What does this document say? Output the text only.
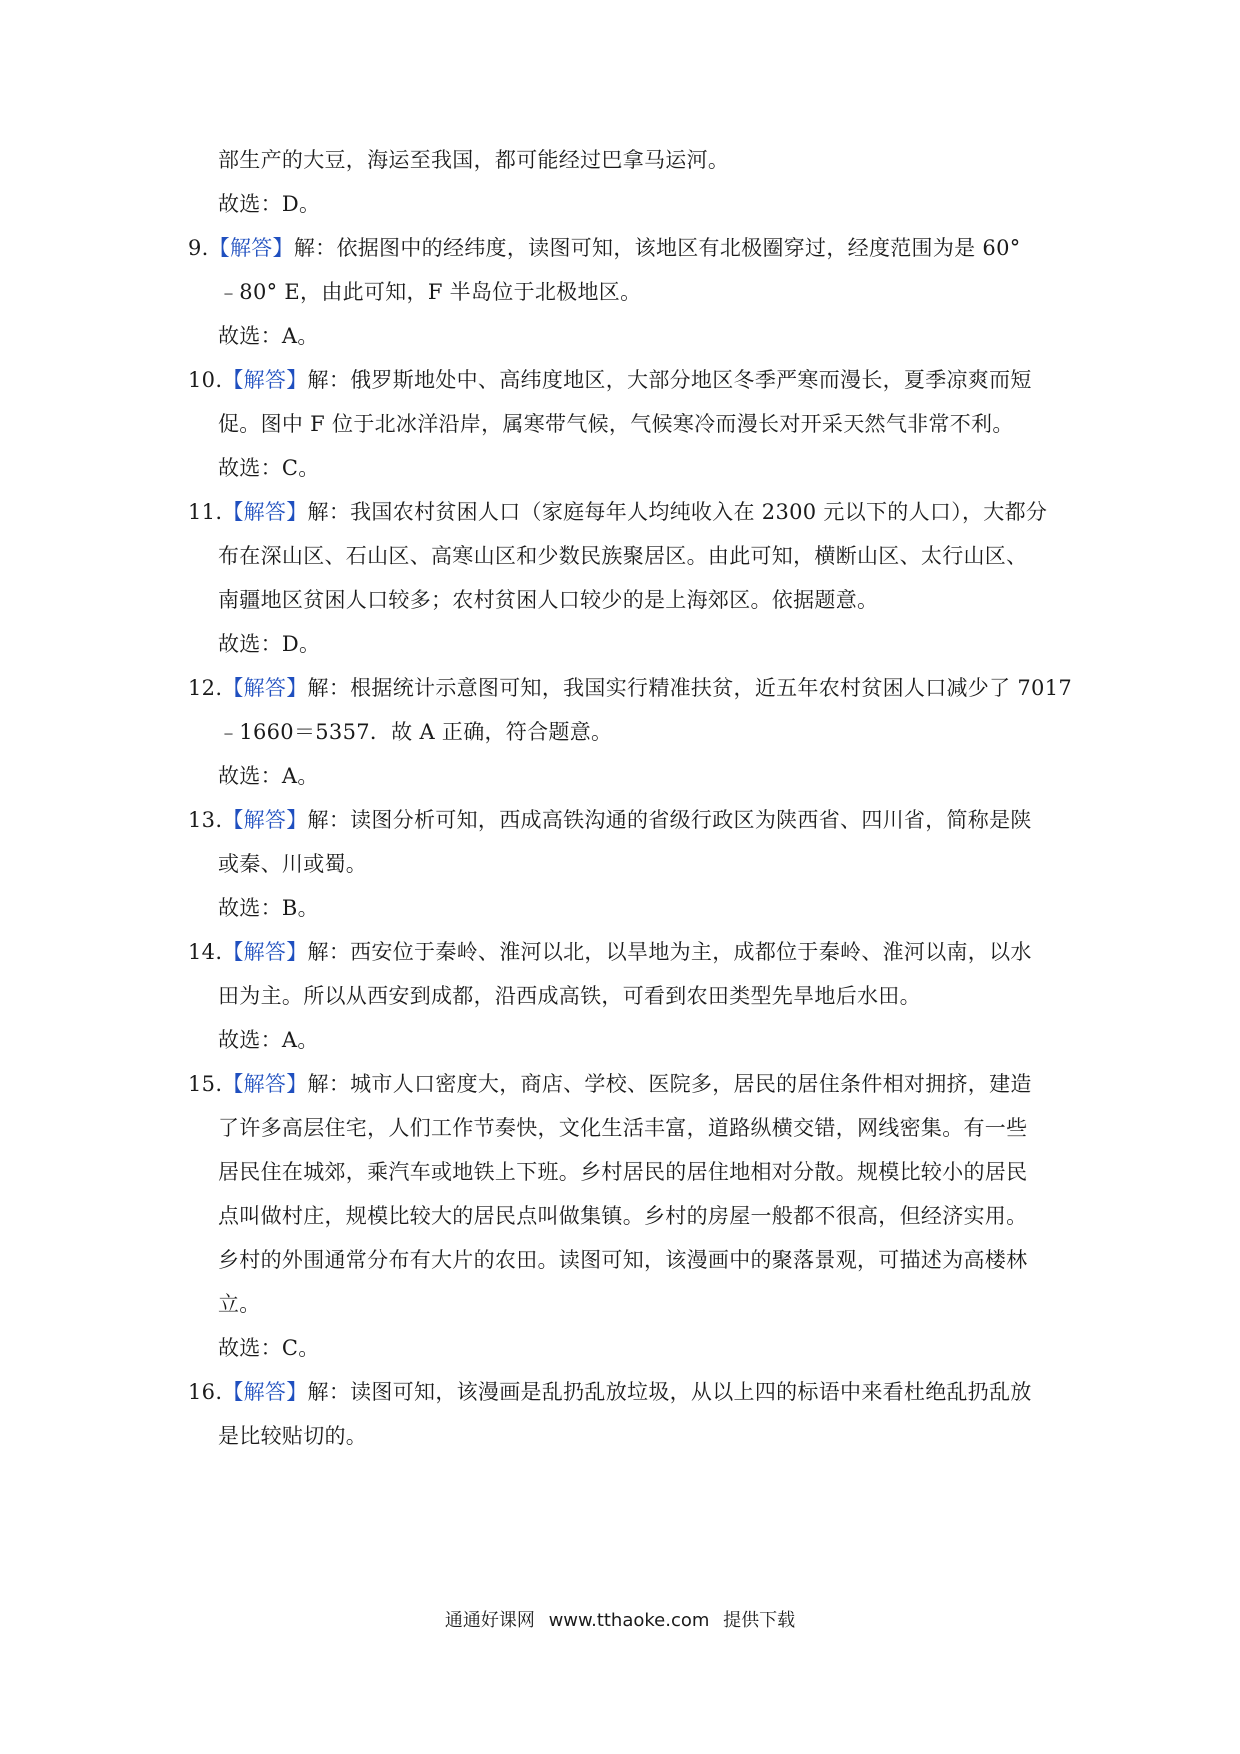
部生产的大豆，海运至我国，都可能经过巴拿马运河。
故选：D。
9.【解答】解：依据图中的经纬度，读图可知，该地区有北极圈穿过，经度范围为是 60°
﹣80° E，由此可知，F 半岛位于北极地区。
故选：A。
10.【解答】解：俄罗斯地处中、高纬度地区，大部分地区冬季严寒而漫长，夏季凉爽而短
促。图中 F 位于北冰洋沿岸，属寒带气候，气候寒冷而漫长对开采天然气非常不利。
故选：C。
11.【解答】解：我国农村贫困人口（家庭每年人均纯收入在 2300 元以下的人口），大都分
布在深山区、石山区、高寒山区和少数民族聚居区。由此可知，横断山区、太行山区、
南疆地区贫困人口较多；农村贫困人口较少的是上海郊区。依据题意。
故选：D。
12.【解答】解：根据统计示意图可知，我国实行精准扶贫，近五年农村贫困人口减少了 7017
﹣1660＝5357．故 A 正确，符合题意。
故选：A。
13.【解答】解：读图分析可知，西成高铁沟通的省级行政区为陕西省、四川省，简称是陕
或秦、川或蜀。
故选：B。
14.【解答】解：西安位于秦岭、淮河以北，以旱地为主，成都位于秦岭、淮河以南，以水
田为主。所以从西安到成都，沿西成高铁，可看到农田类型先旱地后水田。
故选：A。
15.【解答】解：城市人口密度大，商店、学校、医院多，居民的居住条件相对拥挤，建造
了许多高层住宅，人们工作节奏快，文化生活丰富，道路纵横交错，网线密集。有一些
居民住在城郊，乘汽车或地铁上下班。乡村居民的居住地相对分散。规模比较小的居民
点叫做村庄，规模比较大的居民点叫做集镇。乡村的房屋一般都不很高，但经济实用。
乡村的外围通常分布有大片的农田。读图可知，该漫画中的聚落景观，可描述为高楼林
立。
故选：C。
16.【解答】解：读图可知，该漫画是乱扔乱放垃圾，从以上四的标语中来看杜绝乱扔乱放
是比较贴切的。
通通好课网 www.tthaoke.com 提供下载
